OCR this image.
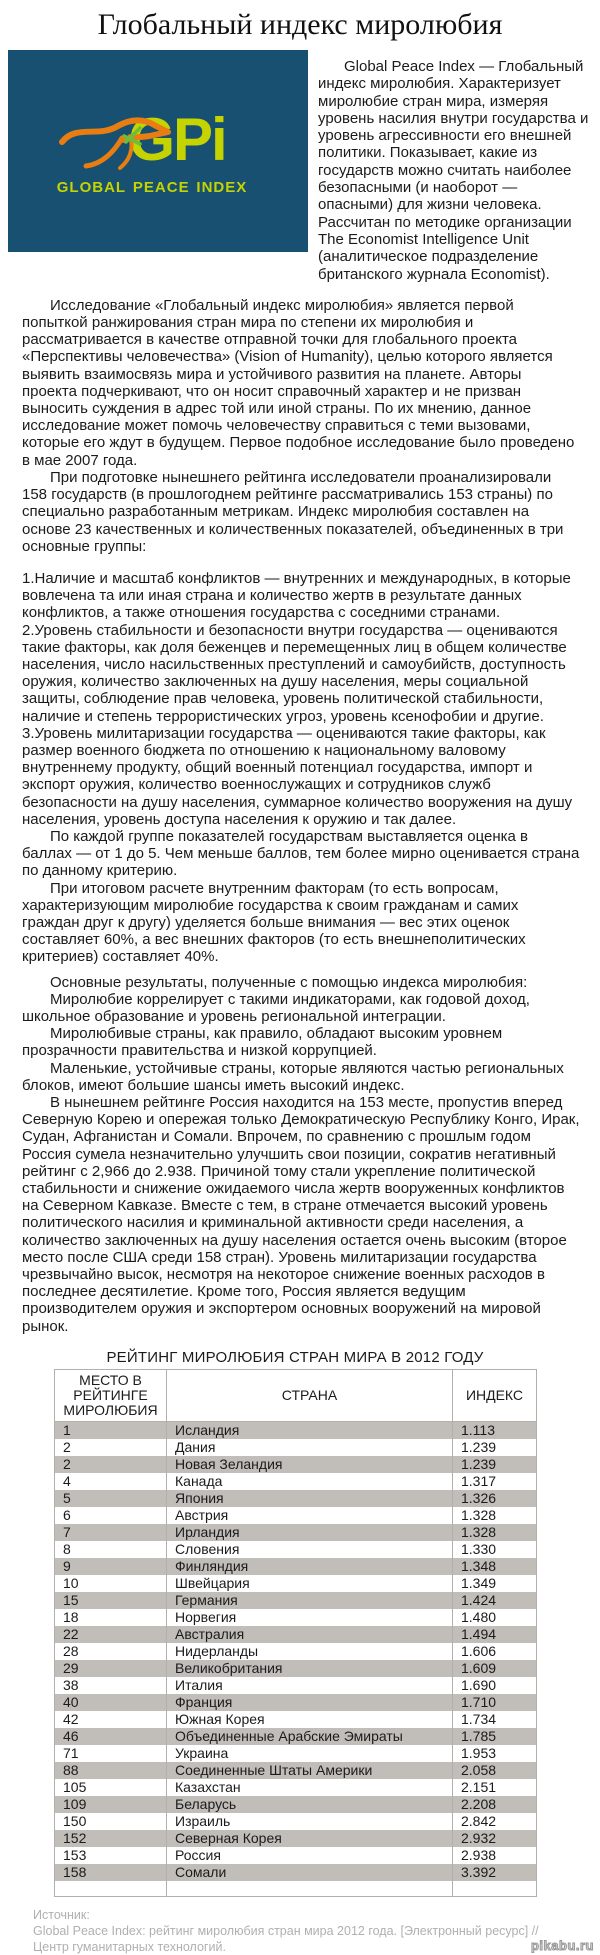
Глобальный индекс миролюбия
GPi
global peace index

Global Peace Index — Глобальный индекс миролюбия. Характеризует миролюбие стран мира, измеряя уровень насилия внутри государства и уровень агрессивности его внешней политики. Показывает, какие из государств можно считать наиболее безопасными (и наоборот — опасными) для жизни человека. Рассчитан по методике организации The Economist Intelligence Unit (аналитическое подразделение британского журнала Economist).

Исследование «Глобальный индекс миролюбия» является первой попыткой ранжирования стран мира по степени их миролюбия и рассматривается в качестве отправной точки для глобального проекта «Перспективы человечества» (Vision of Humanity), целью которого является выявить взаимосвязь мира и устойчивого развития на планете. Авторы проекта подчеркивают, что он носит справочный характер и не призван выносить суждения в адрес той или иной страны. По их мнению, данное исследование может помочь человечеству справиться с теми вызовами, которые его ждут в будущем. Первое подобное исследование было проведено в мае 2007 года.

При подготовке нынешнего рейтинга исследователи проанализировали 158 государств (в прошлогоднем рейтинге рассматривались 153 страны) по специально разработанным метрикам. Индекс миролюбия составлен на основе 23 качественных и количественных показателей, объединенных в три основные группы:

1.Наличие и масштаб конфликтов — внутренних и международных, в которые вовлечена та или иная страна и количество жертв в результате данных конфликтов, а также отношения государства с соседними странами.

2.Уровень стабильности и безопасности внутри государства — оцениваются такие факторы, как доля беженцев и перемещенных лиц в общем количестве населения, число насильственных преступлений и самоубийств, доступность оружия, количество заключенных на душу населения, меры социальной защиты, соблюдение прав человека, уровень политической стабильности, наличие и степень террористических угроз, уровень ксенофобии и другие.

3.Уровень милитаризации государства — оцениваются такие факторы, как размер военного бюджета по отношению к национальному валовому внутреннему продукту, общий военный потенциал государства, импорт и экспорт оружия, количество военнослужащих и сотрудников служб безопасности на душу населения, суммарное количество вооружения на душу населения, уровень доступа населения к оружию и так далее.

По каждой группе показателей государствам выставляется оценка в баллах — от 1 до 5. Чем меньше баллов, тем более мирно оценивается страна по данному критерию.

При итоговом расчете внутренним факторам (то есть вопросам, характеризующим миролюбие государства к своим гражданам и самих граждан друг к другу) уделяется больше внимания — вес этих оценок составляет 60%, а вес внешних факторов (то есть внешнеполитических критериев) составляет 40%.

Основные результаты, полученные с помощью индекса миролюбия:

Миролюбие коррелирует с такими индикаторами, как годовой доход, школьное образование и уровень региональной интеграции.

Миролюбивые страны, как правило, обладают высоким уровнем прозрачности правительства и низкой коррупцией.

Маленькие, устойчивые страны, которые являются частью региональных блоков, имеют большие шансы иметь высокий индекс.

В нынешнем рейтинге Россия находится на 153 месте, пропустив вперед Северную Корею и опережая только Демократическую Республику Конго, Ирак, Судан, Афганистан и Сомали. Впрочем, по сравнению с прошлым годом Россия сумела незначительно улучшить свои позиции, сократив негативный рейтинг с 2,966 до 2.938. Причиной тому стали укрепление политической стабильности и снижение ожидаемого числа жертв вооруженных конфликтов на Северном Кавказе. Вместе с тем, в стране отмечается высокий уровень политического насилия и криминальной активности среди населения, а количество заключенных на душу населения остается очень высоким (второе место после США среди 158 стран). Уровень милитаризации государства чрезвычайно высок, несмотря на некоторое снижение военных расходов в последнее десятилетие. Кроме того, Россия является ведущим производителем оружия и экспортером основных вооружений на мировой рынок.

РЕЙТИНГ МИРОЛЮБИЯ СТРАН МИРА В 2012 ГОДУ

МЕСТО В РЕЙТИНГЕ МИРОЛЮБИЯ	СТРАНА	ИНДЕКС
1	Исландия	1.113
2	Дания	1.239
2	Новая Зеландия	1.239
4	Канада	1.317
5	Япония	1.326
6	Австрия	1.328
7	Ирландия	1.328
8	Словения	1.330
9	Финляндия	1.348
10	Швейцария	1.349
15	Германия	1.424
18	Норвегия	1.480
22	Австралия	1.494
28	Нидерланды	1.606
29	Великобритания	1.609
38	Италия	1.690
40	Франция	1.710
42	Южная Корея	1.734
46	Объединенные Арабские Эмираты	1.785
71	Украина	1.953
88	Соединенные Штаты Америки	2.058
105	Казахстан	2.151
109	Беларусь	2.208
150	Израиль	2.842
152	Северная Корея	2.932
153	Россия	2.938
158	Сомали	3.392

Источник:

Global Peace Index: рейтинг миролюбия стран мира 2012 года. [Электронный ресурс] // Центр гуманитарных технологий.	pikabu.ru
